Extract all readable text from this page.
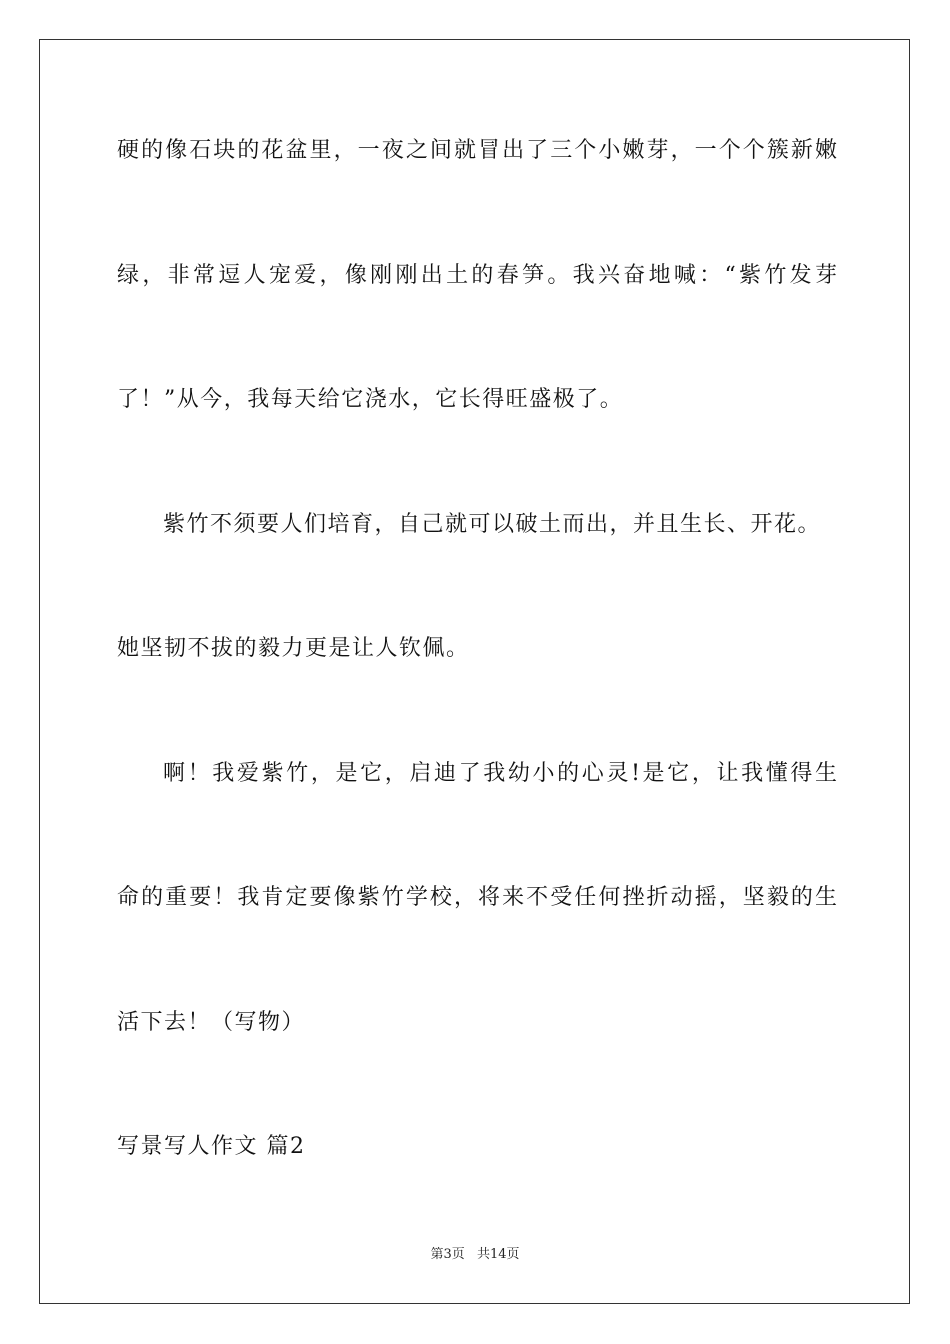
硬的像石块的花盆里，一夜之间就冒出了三个小嫩芽，一个个簇新嫩
绿，非常逗人宠爱，像刚刚出土的春笋。我兴奋地喊：“紫竹发芽
了！”从今，我每天给它浇水，它长得旺盛极了。
紫竹不须要人们培育，自己就可以破土而出，并且生长、开花。
她坚韧不拔的毅力更是让人钦佩。
啊！我爱紫竹，是它，启迪了我幼小的心灵!是它，让我懂得生
命的重要！我肯定要像紫竹学校，将来不受任何挫折动摇，坚毅的生
活下去！（写物）
写景写人作文 篇2
第3页 共14页
